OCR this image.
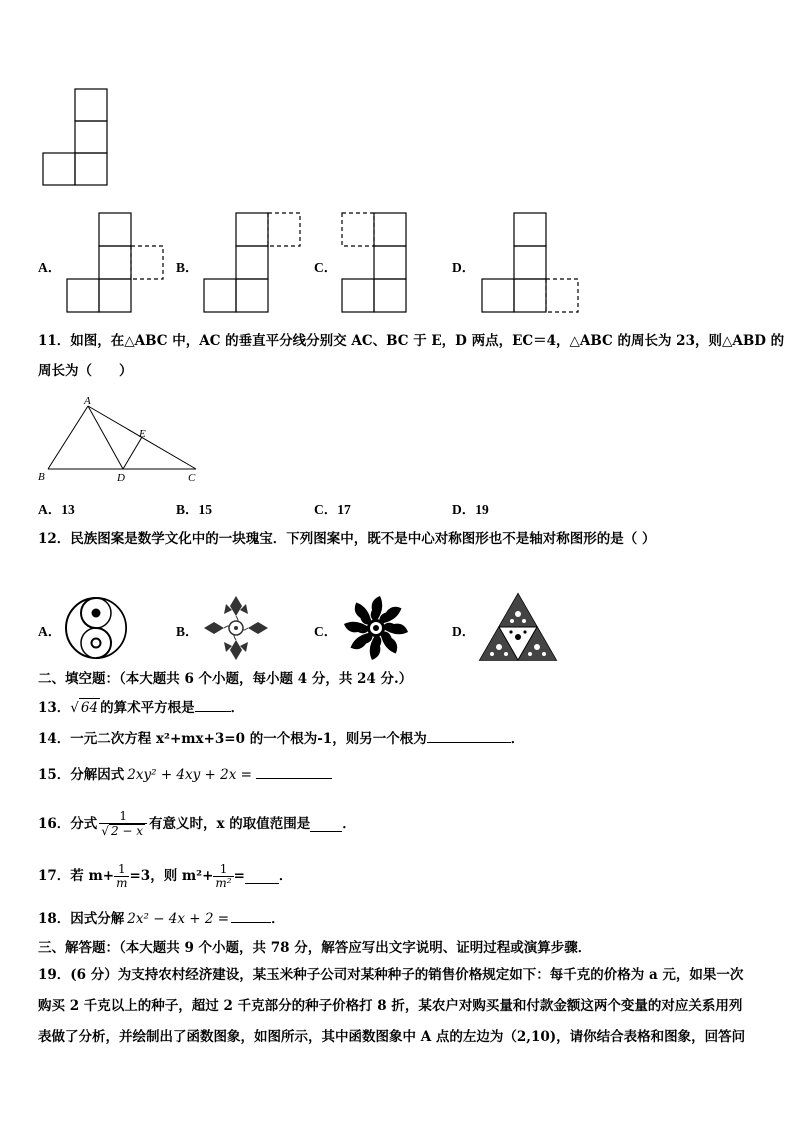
A．	B．	C．	D．
11．如图，在△ABC 中，AC 的垂直平分线分别交 AC、BC 于 E，D 两点，EC＝4，△ABC 的周长为 23，则△ABD 的
周长为（　　）
A
E
B	D	C
A．13	B．15	C．17	D．19
12．民族图案是数学文化中的一块瑰宝．下列图案中，既不是中心对称图形也不是轴对称图形的是（ ）
A．	B．	C．	D．
二、填空题：（本大题共 6 个小题，每小题 4 分，共 24 分.）
13．√ 64 的算术平方根是	．
14．一元二次方程 x²+mx+3=0 的一个根为-1，则另一个根为	．
15．分解因式 2xy² + 4xy + 2x =
16．分式 $\frac{1}{√ 2 - x}$ 有意义时，x 的取值范围是 ．
17．若 $m+ \frac{1}{m} =3$，则 $m^2+ \frac{1}{\text{m²}}$ =	．
18．因式分解 2x² − 4x + 2 =	．
三、解答题：（本大题共 9 个小题，共 78 分，解答应写出文字说明、证明过程或演算步骤．
19．(6 分）为支持农村经济建设，某玉米种子公司对某种种子的销售价格规定如下：每千克的价格为 a 元，如果一次
购买 2 千克以上的种子，超过 2 千克部分的种子价格打 8 折，某农户对购买量和付款金额这两个变量的对应关系用列
表做了分析，并绘制出了函数图象，如图所示，其中函数图象中 A 点的左边为（2,10)，请你结合表格和图象，回答问
